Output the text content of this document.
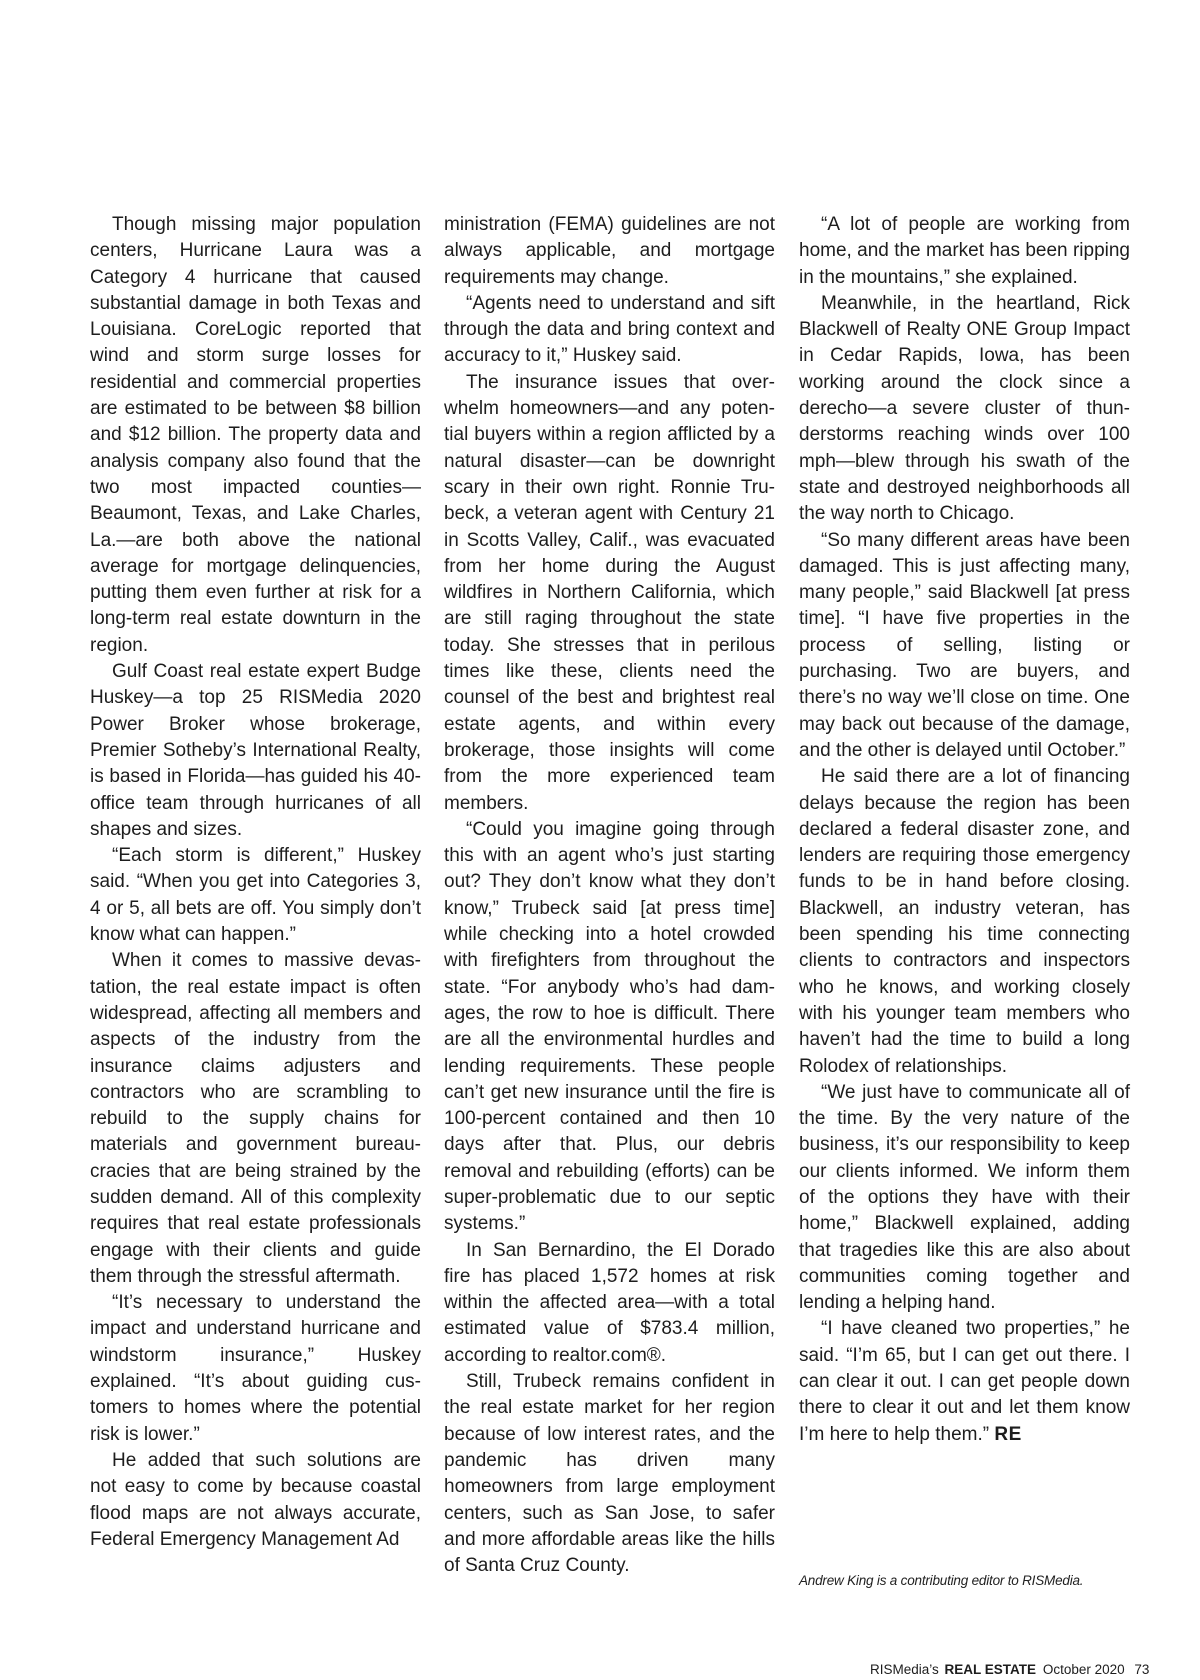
Though missing major population centers, Hurricane Laura was a Category 4 hurricane that caused substantial damage in both Texas and Louisiana. CoreLogic reported that wind and storm surge losses for residential and commercial properties are estimated to be between $8 billion and $12 billion. The property data and analysis company also found that the two most impacted counties—Beaumont, Texas, and Lake Charles, La.—are both above the national average for mortgage delinquencies, putting them even further at risk for a long-term real estate downturn in the region.

Gulf Coast real estate expert Budge Huskey—a top 25 RISMedia 2020 Power Broker whose brokerage, Premier Sotheby’s International Realty, is based in Florida—has guided his 40-office team through hurricanes of all shapes and sizes.

“Each storm is different,” Huskey said. “When you get into Categories 3, 4 or 5, all bets are off. You simply don’t know what can happen.”

When it comes to massive devastation, the real estate impact is often widespread, affecting all members and aspects of the industry from the insurance claims adjusters and contractors who are scrambling to rebuild to the supply chains for materials and government bureaucracies that are being strained by the sudden demand. All of this complexity requires that real estate professionals engage with their clients and guide them through the stressful aftermath.

“It’s necessary to understand the impact and understand hurricane and windstorm insurance,” Huskey explained. “It’s about guiding customers to homes where the potential risk is lower.”

He added that such solutions are not easy to come by because coastal flood maps are not always accurate, Federal Emergency Management Ad

ministration (FEMA) guidelines are not always applicable, and mortgage requirements may change.

“Agents need to understand and sift through the data and bring context and accuracy to it,” Huskey said.

The insurance issues that overwhelm homeowners—and any potential buyers within a region afflicted by a natural disaster—can be downright scary in their own right. Ronnie Trubeck, a veteran agent with Century 21 in Scotts Valley, Calif., was evacuated from her home during the August wildfires in Northern California, which are still raging throughout the state today. She stresses that in perilous times like these, clients need the counsel of the best and brightest real estate agents, and within every brokerage, those insights will come from the more experienced team members.

“Could you imagine going through this with an agent who’s just starting out? They don’t know what they don’t know,” Trubeck said [at press time] while checking into a hotel crowded with firefighters from throughout the state. “For anybody who’s had damages, the row to hoe is difficult. There are all the environmental hurdles and lending requirements. These people can’t get new insurance until the fire is 100-percent contained and then 10 days after that. Plus, our debris removal and rebuilding (efforts) can be super-problematic due to our septic systems.”

In San Bernardino, the El Dorado fire has placed 1,572 homes at risk within the affected area—with a total estimated value of $783.4 million, according to realtor.com®.

Still, Trubeck remains confident in the real estate market for her region because of low interest rates, and the pandemic has driven many homeowners from large employment centers, such as San Jose, to safer and more affordable areas like the hills of Santa Cruz County.

“A lot of people are working from home, and the market has been ripping in the mountains,” she explained.

Meanwhile, in the heartland, Rick Blackwell of Realty ONE Group Impact in Cedar Rapids, Iowa, has been working around the clock since a derecho—a severe cluster of thunderstorms reaching winds over 100 mph—blew through his swath of the state and destroyed neighborhoods all the way north to Chicago.

“So many different areas have been damaged. This is just affecting many, many people,” said Blackwell [at press time]. “I have five properties in the process of selling, listing or purchasing. Two are buyers, and there’s no way we’ll close on time. One may back out because of the damage, and the other is delayed until October.”

He said there are a lot of financing delays because the region has been declared a federal disaster zone, and lenders are requiring those emergency funds to be in hand before closing. Blackwell, an industry veteran, has been spending his time connecting clients to contractors and inspectors who he knows, and working closely with his younger team members who haven’t had the time to build a long Rolodex of relationships.

“We just have to communicate all of the time. By the very nature of the business, it’s our responsibility to keep our clients informed. We inform them of the options they have with their home,” Blackwell explained, adding that tragedies like this are also about communities coming together and lending a helping hand.

“I have cleaned two properties,” he said. “I’m 65, but I can get out there. I can clear it out. I can get people down there to clear it out and let them know I’m here to help them.” RE

Andrew King is a contributing editor to RISMedia.
RISMedia’s REAL ESTATE October 2020 73
